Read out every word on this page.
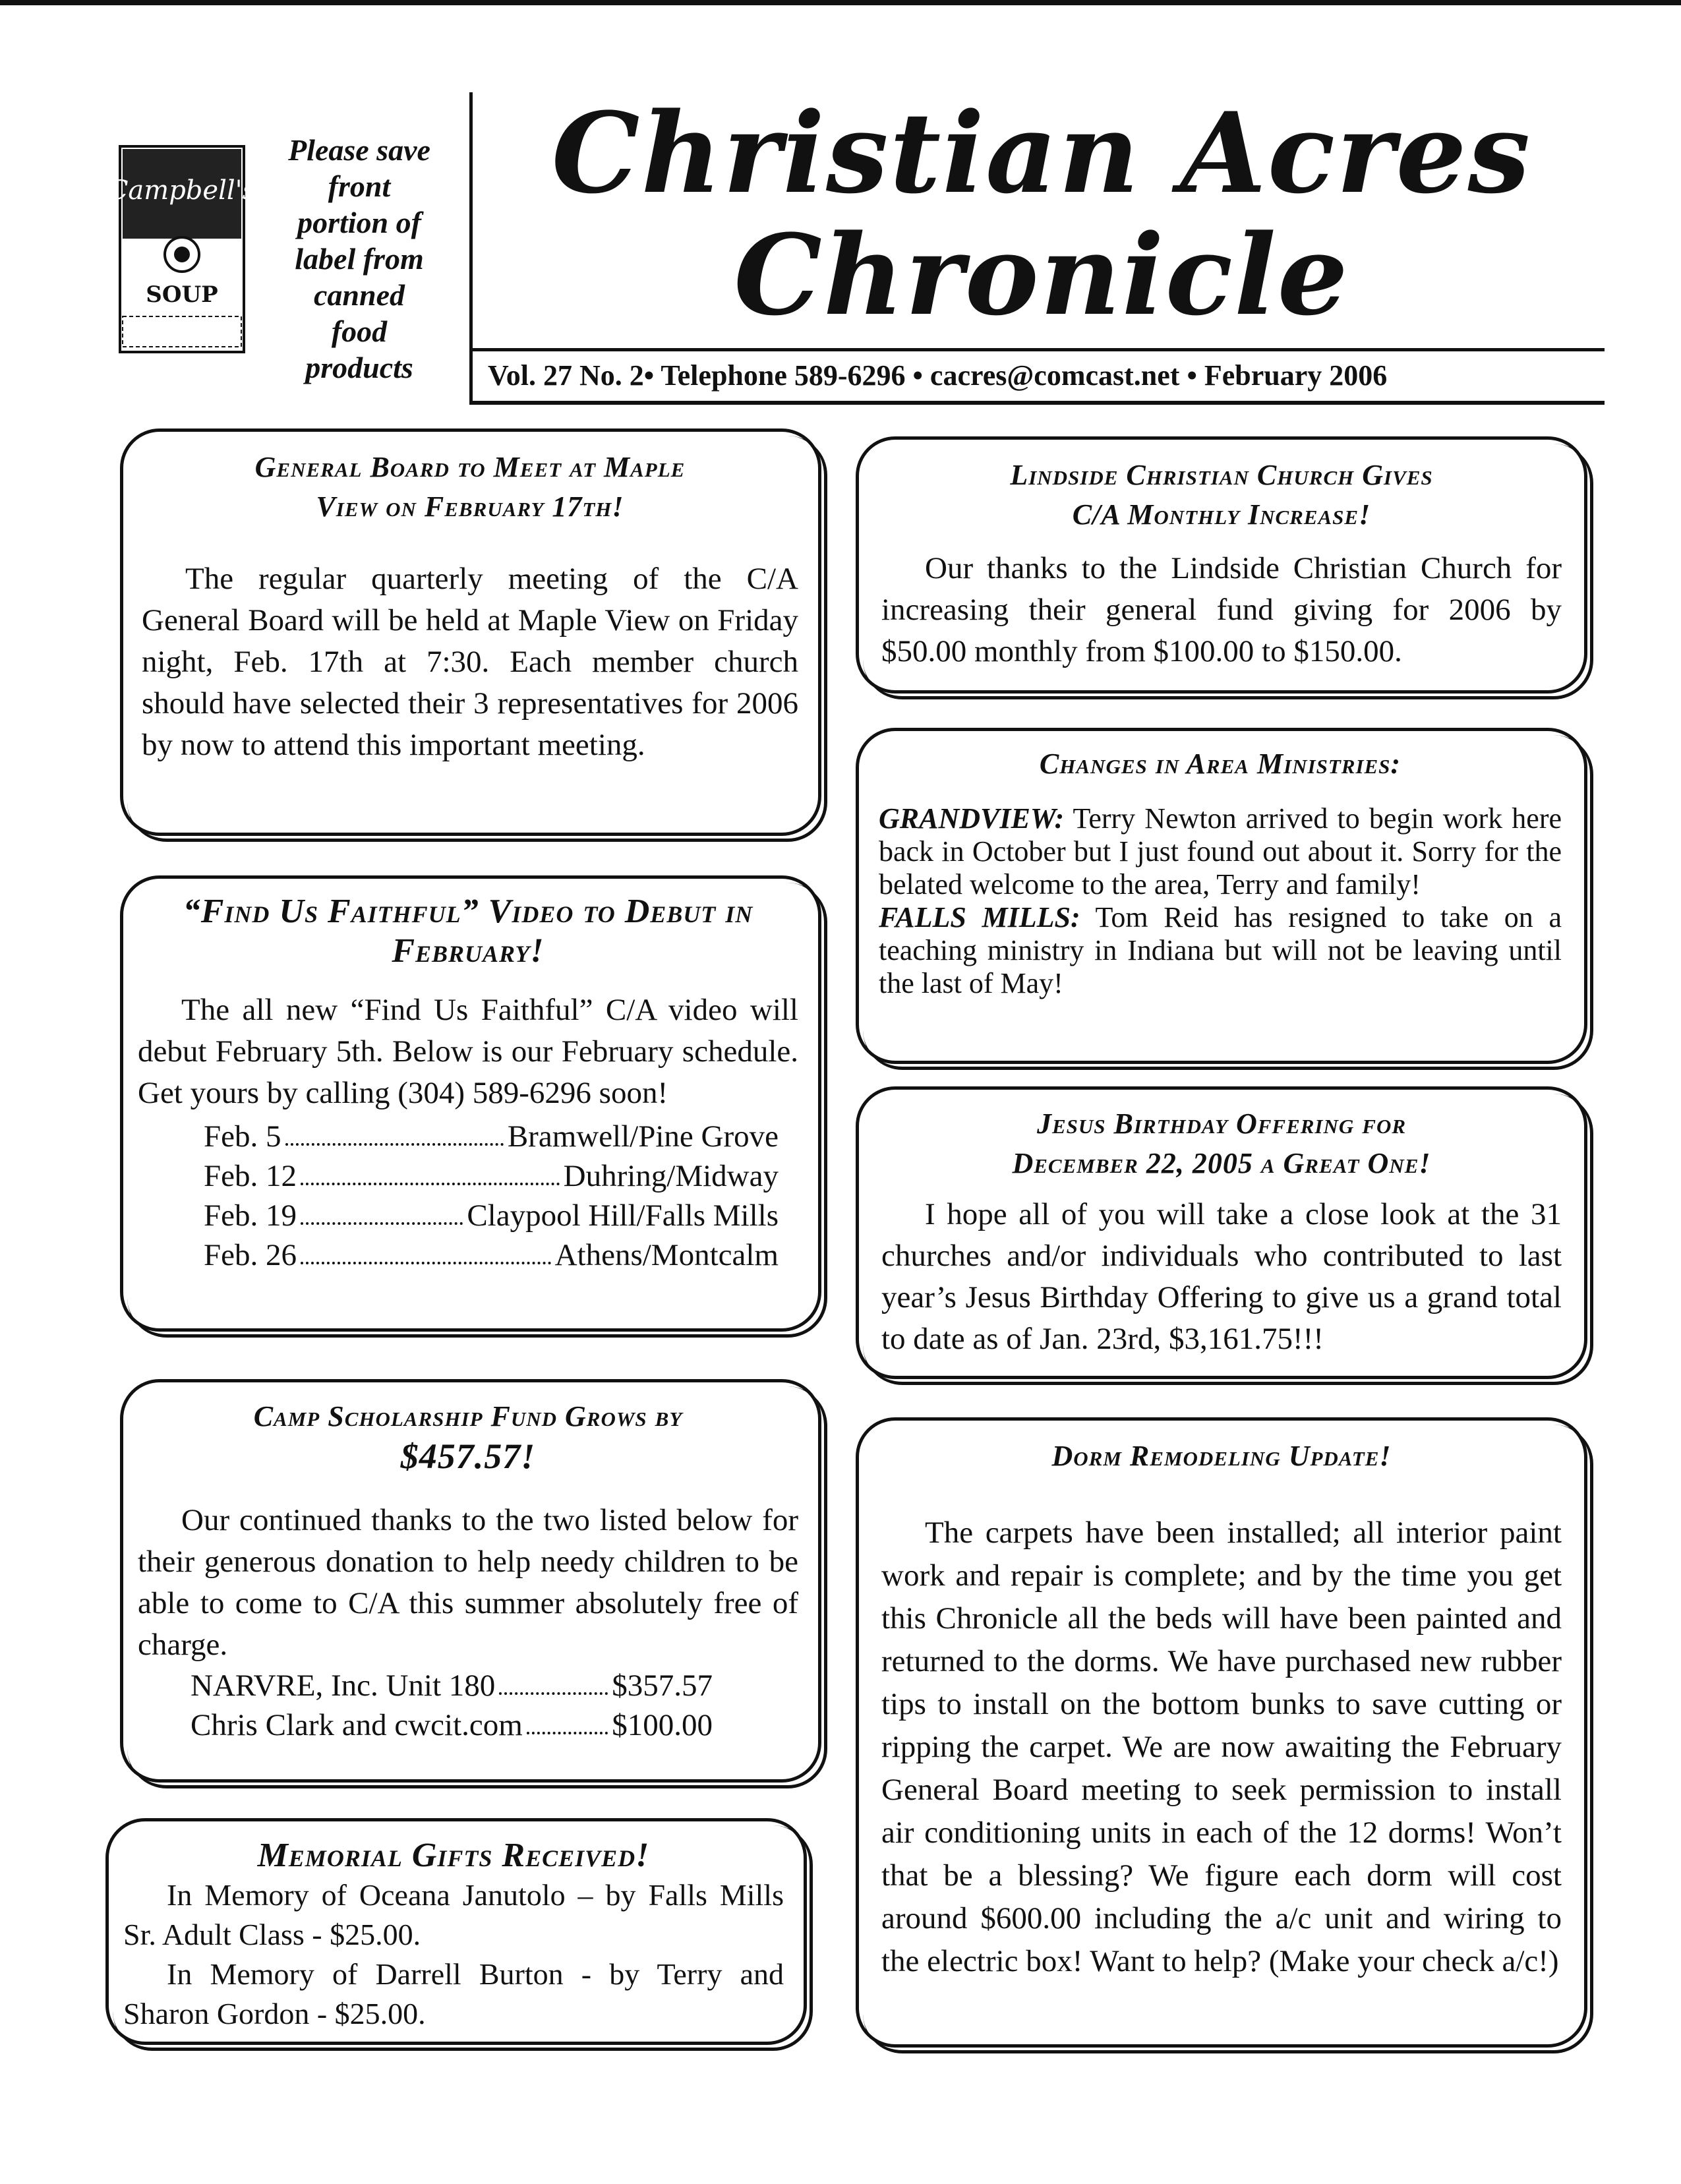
Campbell's
SOUP
Please save
front
portion of
label from
canned
food
products
Christian Acres
Chronicle
Vol. 27 No. 2• Telephone 589-6296 • cacres@comcast.net • February 2006
General Board to Meet at Maple
View on February 17th!
The regular quarterly meeting of the C/A General Board will be held at Maple View on Friday night, Feb. 17th at 7:30. Each member church should have selected their 3 representatives for 2006 by now to attend this important meeting.
“Find Us Faithful” Video to Debut in
February!
The all new “Find Us Faithful” C/A video will debut February 5th. Below is our February schedule. Get yours by calling (304) 589-6296 soon!
Feb. 5	Bramwell/Pine Grove
Feb. 12	Duhring/Midway
Feb. 19	Claypool Hill/Falls Mills
Feb. 26	Athens/Montcalm
Camp Scholarship Fund Grows by
$457.57!
Our continued thanks to the two listed below for their generous donation to help needy children to be able to come to C/A this summer absolutely free of charge.
NARVRE, Inc. Unit 180	$357.57
Chris Clark and cwcit.com	$100.00
Memorial Gifts Received!
In Memory of Oceana Janutolo – by Falls Mills Sr. Adult Class - $25.00.
In Memory of Darrell Burton - by Terry and Sharon Gordon - $25.00.
Lindside Christian Church Gives
C/A Monthly Increase!
Our thanks to the Lindside Christian Church for increasing their general fund giving for 2006 by $50.00 monthly from $100.00 to $150.00.
Changes in Area Ministries:
GRANDVIEW: Terry Newton arrived to begin work here back in October but I just found out about it. Sorry for the belated welcome to the area, Terry and family!
FALLS MILLS: Tom Reid has resigned to take on a teaching ministry in Indiana but will not be leaving until the last of May!
Jesus Birthday Offering for
December 22, 2005 a Great One!
I hope all of you will take a close look at the 31 churches and/or individuals who contributed to last year’s Jesus Birthday Offering to give us a grand total to date as of Jan. 23rd, $3,161.75!!!
Dorm Remodeling Update!
The carpets have been installed; all interior paint work and repair is complete; and by the time you get this Chronicle all the beds will have been painted and returned to the dorms. We have purchased new rubber tips to install on the bottom bunks to save cutting or ripping the carpet. We are now awaiting the February General Board meeting to seek permission to install air conditioning units in each of the 12 dorms! Won’t that be a blessing? We figure each dorm will cost around $600.00 including the a/c unit and wiring to the electric box! Want to help? (Make your check a/c!)
